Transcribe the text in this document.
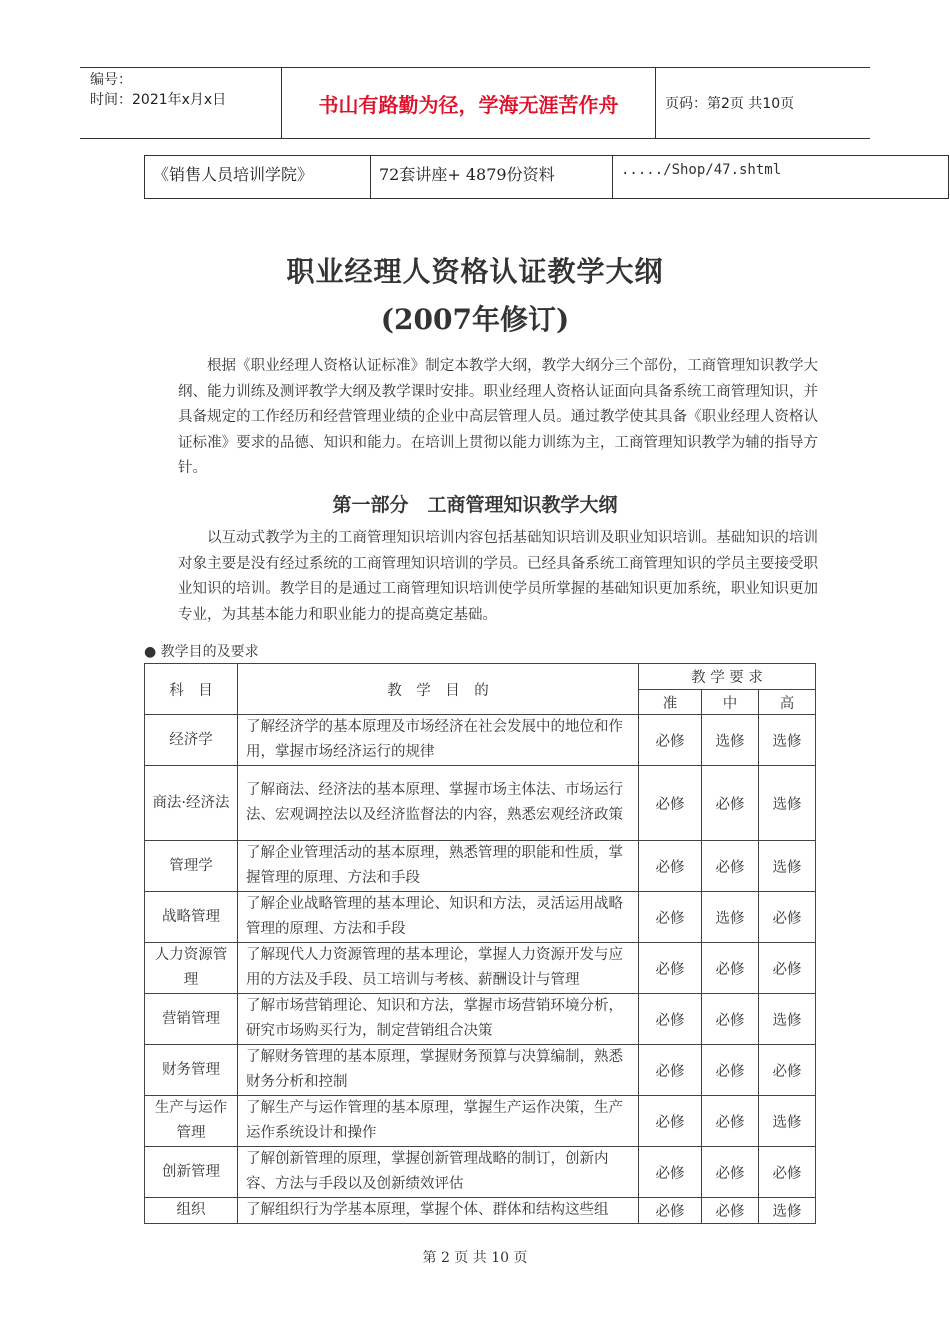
编号：
时间：2021年x月x日	书山有路勤为径，学海无涯苦作舟	页码：第2页 共10页
《销售人员培训学院》	72套讲座+ 4879份资料	...../Shop/47.shtml
职业经理人资格认证教学大纲
(2007年修订)

根据《职业经理人资格认证标准》制定本教学大纲，教学大纲分三个部份，工商管理知识教学大纲、能力训练及测评教学大纲及教学课时安排。职业经理人资格认证面向具备系统工商管理知识，并具备规定的工作经历和经营管理业绩的企业中高层管理人员。通过教学使其具备《职业经理人资格认证标准》要求的品德、知识和能力。在培训上贯彻以能力训练为主，工商管理知识教学为辅的指导方针。

第一部分　工商管理知识教学大纲

以互动式教学为主的工商管理知识培训内容包括基础知识培训及职业知识培训。基础知识的培训对象主要是没有经过系统的工商管理知识培训的学员。已经具备系统工商管理知识的学员主要接受职业知识的培训。教学目的是通过工商管理知识培训使学员所掌握的基础知识更加系统，职业知识更加专业，为其基本能力和职业能力的提高奠定基础。

● 教学目的及要求
科　目	教　学　目　的	教 学 要 求		
		准	中	高
经济学	了解经济学的基本原理及市场经济在社会发展中的地位和作用，掌握市场经济运行的规律	必修	选修	选修
商法·经济法	了解商法、经济法的基本原理、掌握市场主体法、市场运行法、宏观调控法以及经济监督法的内容，熟悉宏观经济政策	必修	必修	选修
管理学	了解企业管理活动的基本原理，熟悉管理的职能和性质，掌握管理的原理、方法和手段	必修	必修	选修
战略管理	了解企业战略管理的基本理论、知识和方法，灵活运用战略管理的原理、方法和手段	必修	选修	必修
人力资源管理	了解现代人力资源管理的基本理论，掌握人力资源开发与应用的方法及手段、员工培训与考核、薪酬设计与管理	必修	必修	必修
营销管理	了解市场营销理论、知识和方法，掌握市场营销环境分析，研究市场购买行为，制定营销组合决策	必修	必修	选修
财务管理	了解财务管理的基本原理，掌握财务预算与决算编制，熟悉财务分析和控制	必修	必修	必修
生产与运作管理	了解生产与运作管理的基本原理，掌握生产运作决策，生产运作系统设计和操作	必修	必修	选修
创新管理	了解创新管理的原理，掌握创新管理战略的制订，创新内容、方法与手段以及创新绩效评估	必修	必修	必修
组织	了解组织行为学基本原理，掌握个体、群体和结构这些组	必修	必修	选修
第 2 页 共 10 页
